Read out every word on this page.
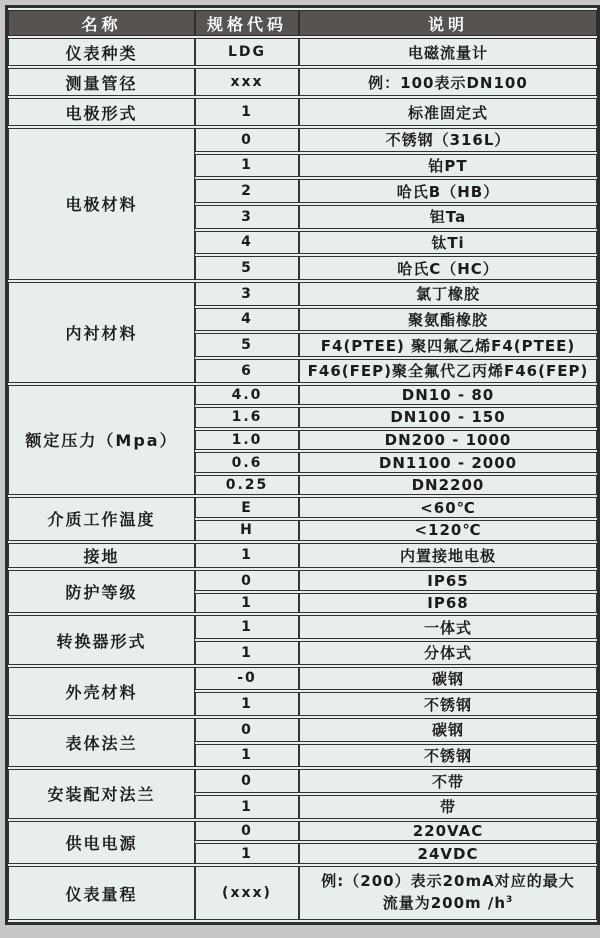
名称	规格代码	说明
仪表种类	LDG	电磁流量计
测量管径	xxx	例：100表示DN100
电极形式	1	标准固定式
电极材料	0	不锈钢（316L）
	1	铂PT
	2	哈氏B（HB）
	3	钽Ta
	4	钛Ti
	5	哈氏C（HC）
内衬材料	3	氯丁橡胶
	4	聚氨酯橡胶
	5	F4(PTEE) 聚四氟乙烯F4(PTEE)
	6	F46(FEP)聚全氟代乙丙烯F46(FEP)
额定压力（Mpa）	4.0	DN10 - 80
	1.6	DN100 - 150
	1.0	DN200 - 1000
	0.6	DN1100 - 2000
	0.25	DN2200
介质工作温度	E	<60℃
	H	<120℃
接地	1	内置接地电极
防护等级	0	IP65
	1	IP68
转换器形式	1	一体式
	1	分体式
外壳材料	-0	碳钢
	1	不锈钢
表体法兰	0	碳钢
	1	不锈钢
安装配对法兰	0	不带
	1	带
供电电源	0	220VAC
	1	24VDC
仪表量程	(xxx)	例:（200）表示20mA对应的最大
流量为200m $/h^3$
